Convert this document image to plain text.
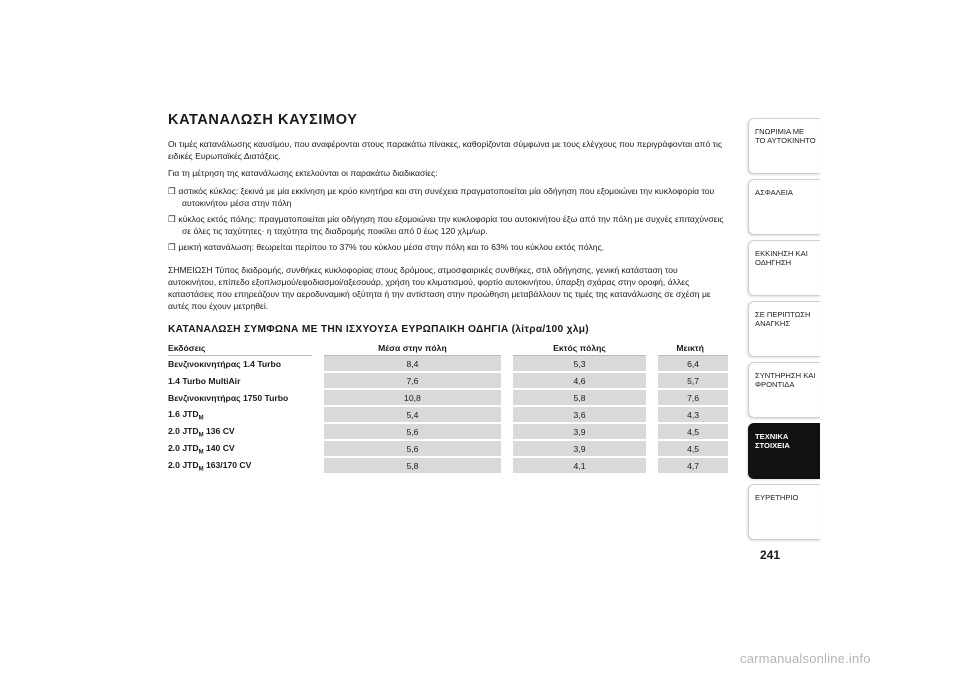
ΚΑΤΑΝΑΛΩΣΗ ΚΑΥΣΙΜΟΥ

Οι τιμές κατανάλωσης καυσίμου, που αναφέρονται στους παρακάτω πίνακες, καθορίζονται σύμφωνα με τους ελέγχους που περιγράφονται από τις ειδικές Ευρωπαϊκές Διατάξεις.

Για τη μέτρηση της κατανάλωσης εκτελούνται οι παρακάτω διαδικασίες:

❒ αστικός κύκλος: ξεκινά με μία εκκίνηση με κρύο κινητήρα και στη συνέχεια πραγματοποιείται μία οδήγηση που εξομοιώνει την κυκλοφορία του αυτοκινήτου μέσα στην πόλη

❒ κύκλος εκτός πόλης: πραγματοποιείται μία οδήγηση που εξομοιώνει την κυκλοφορία του αυτοκινήτου έξω από την πόλη με συχνές επιταχύνσεις σε όλες τις ταχύτητες· η ταχύτητα της διαδρομής ποικίλει από 0 έως 120 χλμ/ωρ.

❒ μεικτή κατανάλωση: θεωρείται περίπου το 37% του κύκλου μέσα στην πόλη και το 63% του κύκλου εκτός πόλης.

ΣΗΜΕΙΩΣΗ Τύπος διαδρομής, συνθήκες κυκλοφορίας στους δρόμους, ατμοσφαιρικές συνθήκες, στιλ οδήγησης, γενική κατάσταση του αυτοκινήτου, επίπεδο εξοπλισμού/εφοδιασμοί/αξεσουάρ, χρήση του κλιματισμού, φορτίο αυτοκινήτου, ύπαρξη σχάρας στην οροφή, άλλες καταστάσεις που επηρεάζουν την αεροδυναμική οξύτητα ή την αντίσταση στην προώθηση μεταβάλλουν τις τιμές της κατανάλωσης σε σχέση με αυτές που έχουν μετρηθεί.

ΚΑΤΑΝΑΛΩΣΗ ΣΥΜΦΩΝΑ ΜΕ ΤΗΝ ΙΣΧΥΟΥΣΑ ΕΥΡΩΠΑΙΚΗ ΟΔΗΓΙΑ (λίτρα/100 χλμ)
Εκδόσεις	Μέσα στην πόλη	Εκτός πόλης	Μεικτή
Βενζινοκινητήρας 1.4 Turbo	8,4	5,3	6,4
1.4 Turbo MultiAir	7,6	4,6	5,7
Βενζινοκινητήρας 1750 Turbo	10,8	5,8	7,6
1.6 $JTD_M$	5,4	3,6	4,3
2.0 $JTD_M$ 136 CV	5,6	3,9	4,5
2.0 $JTD_M$ 140 CV	5,6	3,9	4,5
2.0 $JTD_M$ 163/170 CV	5,8	4,1	4,7
ΓΝΩΡΙΜΙΑ ΜΕ ΤΟ ΑΥΤΟΚΙΝΗΤΟ
ΑΣΦΑΛΕΙΑ
ΕΚΚΙΝΗΣΗ ΚΑΙ ΟΔΗΓΗΣΗ
ΣΕ ΠΕΡΙΠΤΩΣΗ ΑΝΑΓΚΗΣ
ΣΥΝΤΗΡΗΣΗ ΚΑΙ ΦΡΟΝΤΙΔΑ
ΤΕΧΝΙΚΑ ΣΤΟΙΧΕΙΑ
ΕΥΡΕΤΗΡΙΟ
241
carmanualsonline.info
